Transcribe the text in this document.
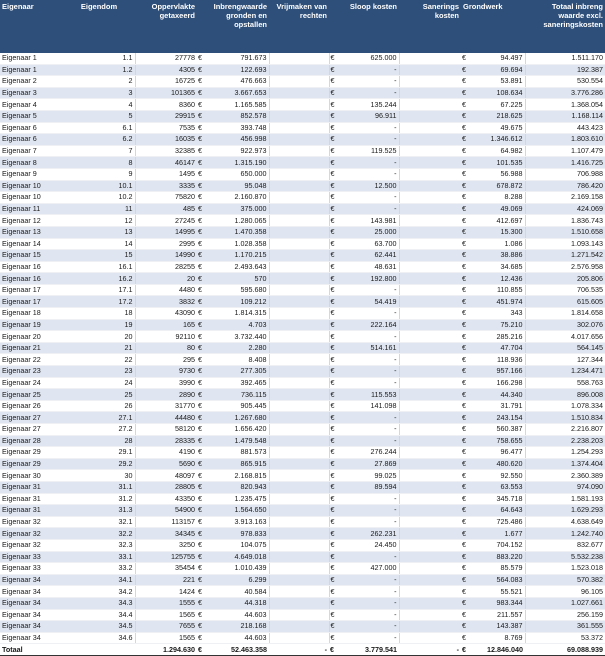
Eigenaar	Eigendom	Oppervlakte getaxeerd	Inbrengwaarde gronden en opstallen		Vrijmaken van rechten	Sloop kosten		Sanerings kosten	Grondwerk		Totaal inbreng waarde excl. saneringskosten
Eigenaar 1	1.1	27778	€	791.673		€	625.000		€	94.497	1.511.170
Eigenaar 1	1.2	4305	€	122.693		€	-		€	69.694	192.387
Eigenaar 2	2	16725	€	476.663		€	-		€	53.891	530.554
Eigenaar 3	3	101365	€	3.667.653		€	-		€	108.634	3.776.286
Eigenaar 4	4	8360	€	1.165.585		€	135.244		€	67.225	1.368.054
Eigenaar 5	5	29915	€	852.578		€	96.911		€	218.625	1.168.114
Eigenaar 6	6.1	7535	€	393.748		€	-		€	49.675	443.423
Eigenaar 6	6.2	16035	€	456.998		€	-		€	1.346.612	1.803.610
Eigenaar 7	7	32385	€	922.973		€	119.525		€	64.982	1.107.479
Eigenaar 8	8	46147	€	1.315.190		€	-		€	101.535	1.416.725
Eigenaar 9	9	1495	€	650.000		€	-		€	56.988	706.988
Eigenaar 10	10.1	3335	€	95.048		€	12.500		€	678.872	786.420
Eigenaar 10	10.2	75820	€	2.160.870		€	-		€	8.288	2.169.158
Eigenaar 11	11	485	€	375.000		€	-		€	49.069	424.069
Eigenaar 12	12	27245	€	1.280.065		€	143.981		€	412.697	1.836.743
Eigenaar 13	13	14995	€	1.470.358		€	25.000		€	15.300	1.510.658
Eigenaar 14	14	2995	€	1.028.358		€	63.700		€	1.086	1.093.143
Eigenaar 15	15	14990	€	1.170.215		€	62.441		€	38.886	1.271.542
Eigenaar 16	16.1	28255	€	2.493.643		€	48.631		€	34.685	2.576.958
Eigenaar 16	16.2	20	€	570		€	192.800		€	12.436	205.806
Eigenaar 17	17.1	4480	€	595.680		€	-		€	110.855	706.535
Eigenaar 17	17.2	3832	€	109.212		€	54.419		€	451.974	615.605
Eigenaar 18	18	43090	€	1.814.315		€	-		€	343	1.814.658
Eigenaar 19	19	165	€	4.703		€	222.164		€	75.210	302.076
Eigenaar 20	20	92110	€	3.732.440		€	-		€	285.216	4.017.656
Eigenaar 21	21	80	€	2.280		€	514.161		€	47.704	564.145
Eigenaar 22	22	295	€	8.408		€	-		€	118.936	127.344
Eigenaar 23	23	9730	€	277.305		€	-		€	957.166	1.234.471
Eigenaar 24	24	3990	€	392.465		€	-		€	166.298	558.763
Eigenaar 25	25	2890	€	736.115		€	115.553		€	44.340	896.008
Eigenaar 26	26	31770	€	905.445		€	141.098		€	31.791	1.078.334
Eigenaar 27	27.1	44480	€	1.267.680		€	-		€	243.154	1.510.834
Eigenaar 27	27.2	58120	€	1.656.420		€	-		€	560.387	2.216.807
Eigenaar 28	28	28335	€	1.479.548		€	-		€	758.655	2.238.203
Eigenaar 29	29.1	4190	€	881.573		€	276.244		€	96.477	1.254.293
Eigenaar 29	29.2	5690	€	865.915		€	27.869		€	480.620	1.374.404
Eigenaar 30	30	48097	€	2.168.815		€	99.025		€	92.550	2.360.389
Eigenaar 31	31.1	28805	€	820.943		€	89.594		€	63.553	974.090
Eigenaar 31	31.2	43350	€	1.235.475		€	-		€	345.718	1.581.193
Eigenaar 31	31.3	54900	€	1.564.650		€	-		€	64.643	1.629.293
Eigenaar 32	32.1	113157	€	3.913.163		€	-		€	725.486	4.638.649
Eigenaar 32	32.2	34345	€	978.833		€	262.231		€	1.677	1.242.740
Eigenaar 32	32.3	3250	€	104.075		€	24.450		€	704.152	832.677
Eigenaar 33	33.1	125755	€	4.649.018		€	-		€	883.220	5.532.238
Eigenaar 33	33.2	35454	€	1.010.439		€	427.000		€	85.579	1.523.018
Eigenaar 34	34.1	221	€	6.299		€	-		€	564.083	570.382
Eigenaar 34	34.2	1424	€	40.584		€	-		€	55.521	96.105
Eigenaar 34	34.3	1555	€	44.318		€	-		€	983.344	1.027.661
Eigenaar 34	34.4	1565	€	44.603		€	-		€	211.557	256.159
Eigenaar 34	34.5	7655	€	218.168		€	-		€	143.387	361.555
Eigenaar 34	34.6	1565	€	44.603		€	-		€	8.769	53.372
Totaal		1.294.630	€	52.463.358	-	€	3.779.541	-	€	12.846.040	69.088.939
